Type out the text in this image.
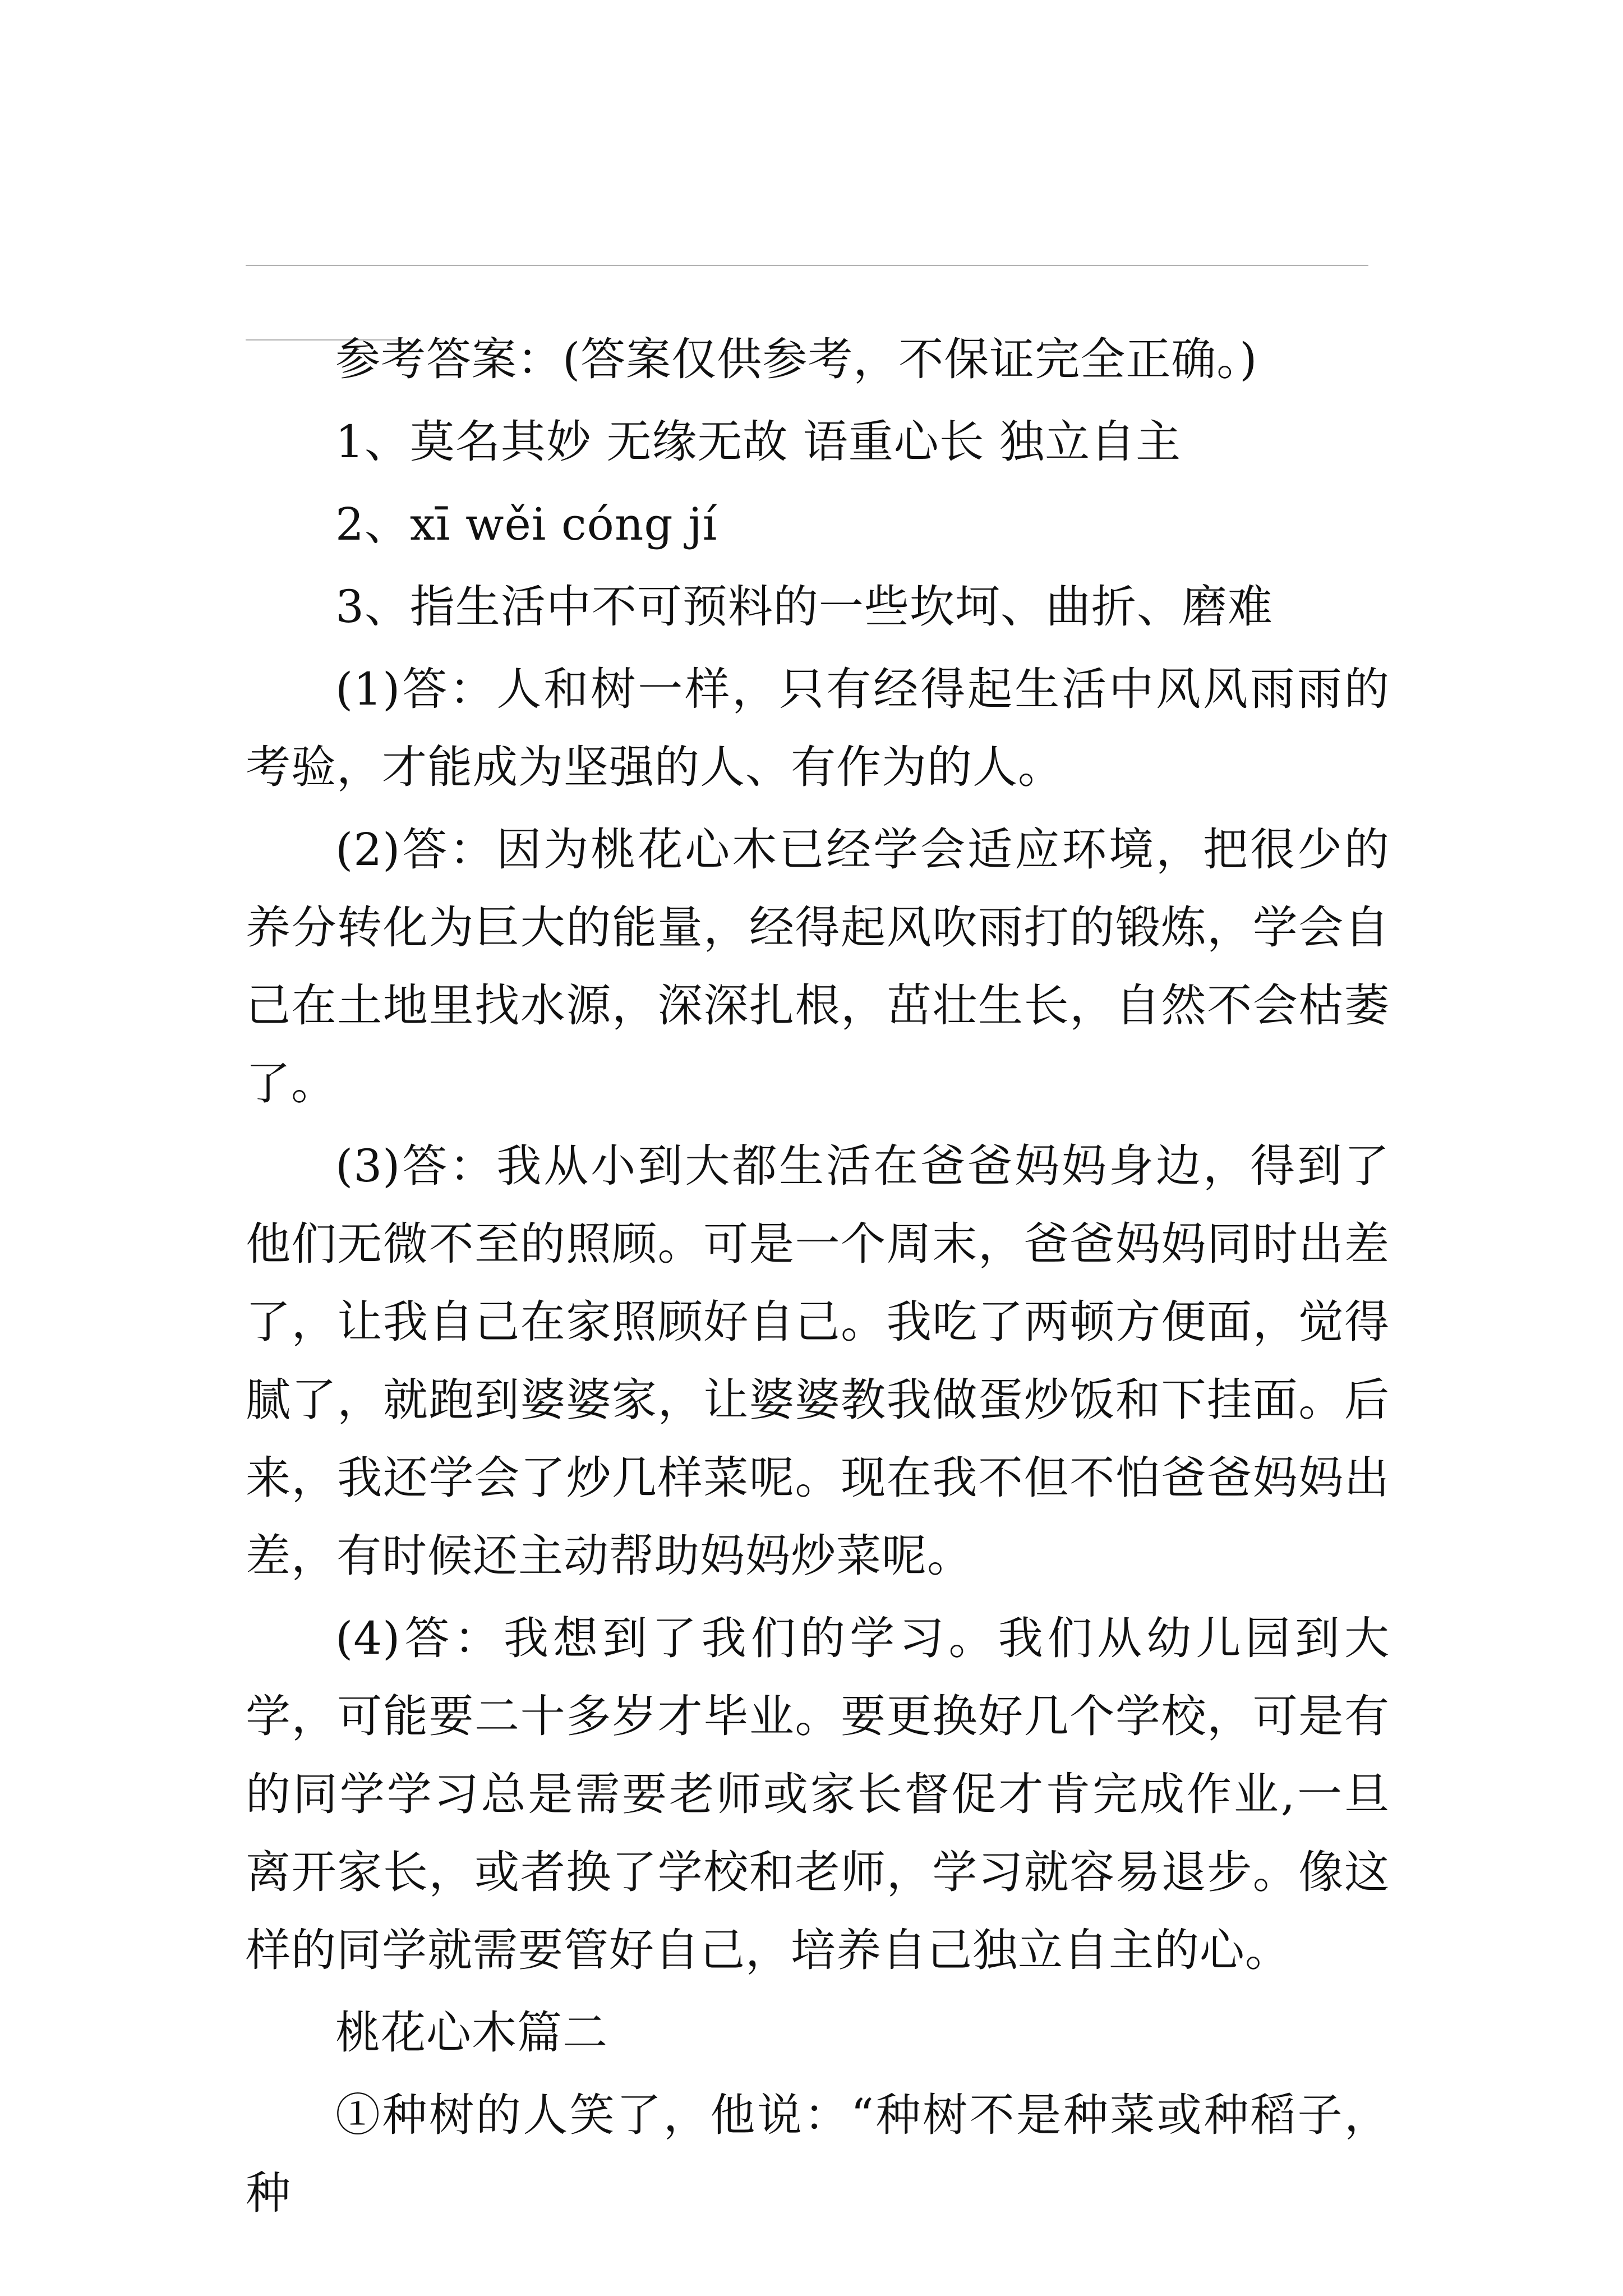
参考答案：(答案仅供参考，不保证完全正确。)

1、莫名其妙 无缘无故 语重心长 独立自主

2、xī wěi cóng jí

3、指生活中不可预料的一些坎坷、曲折、磨难

(1)答：人和树一样，只有经得起生活中风风雨雨的考验，才能成为坚强的人、有作为的人。

(2)答：因为桃花心木已经学会适应环境，把很少的养分转化为巨大的能量，经得起风吹雨打的锻炼，学会自己在土地里找水源，深深扎根，茁壮生长，自然不会枯萎了。

(3)答：我从小到大都生活在爸爸妈妈身边，得到了他们无微不至的照顾。可是一个周末，爸爸妈妈同时出差了，让我自己在家照顾好自己。我吃了两顿方便面，觉得腻了，就跑到婆婆家，让婆婆教我做蛋炒饭和下挂面。后来，我还学会了炒几样菜呢。现在我不但不怕爸爸妈妈出差，有时候还主动帮助妈妈炒菜呢。

(4)答：我想到了我们的学习。我们从幼儿园到大学，可能要二十多岁才毕业。要更换好几个学校，可是有的同学学习总是需要老师或家长督促才肯完成作业,一旦离开家长，或者换了学校和老师，学习就容易退步。像这样的同学就需要管好自己，培养自己独立自主的心。

桃花心木篇二

①种树的人笑了，他说：“种树不是种菜或种稻子，种
